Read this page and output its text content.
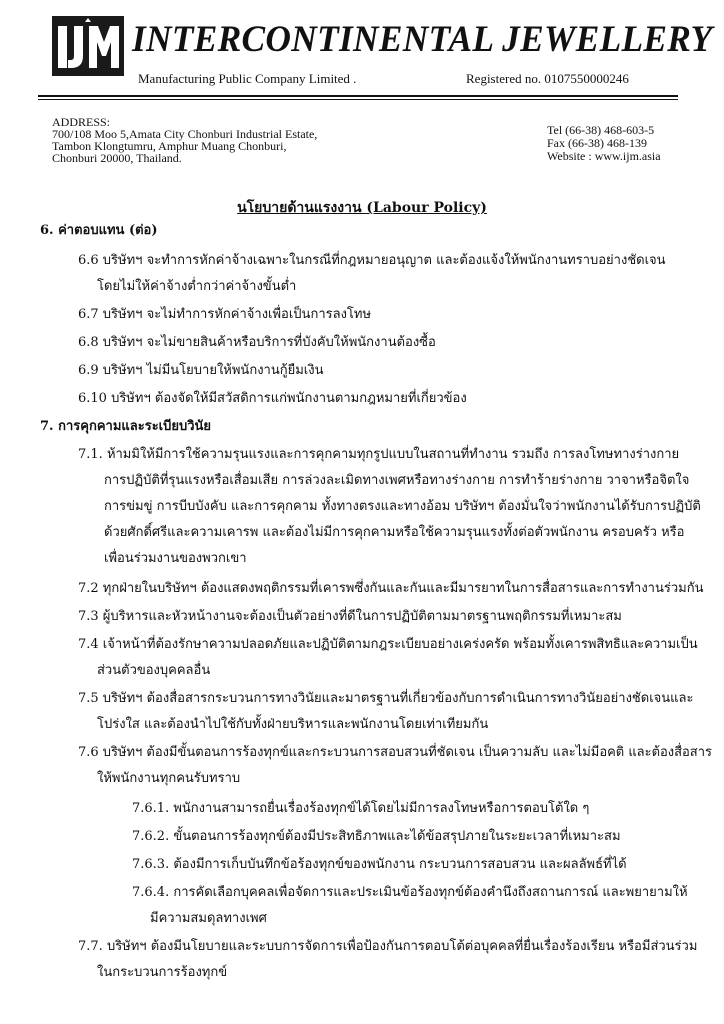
INTERCONTINENTAL JEWELLERY
Manufacturing Public Company Limited .	Registered no. 0107550000246
ADDRESS:
700/108 Moo 5,Amata City Chonburi Industrial Estate,
Tambon Klongtumru, Amphur Muang Chonburi,
Chonburi 20000, Thailand.
Tel (66-38) 468-603-5
Fax (66-38) 468-139
Website : www.ijm.asia
นโยบายด้านแรงงาน (Labour Policy)
6. ค่าตอบแทน (ต่อ)
6.6 บริษัทฯ จะทำการหักค่าจ้างเฉพาะในกรณีที่กฎหมายอนุญาต และต้องแจ้งให้พนักงานทราบอย่างชัดเจน
โดยไม่ให้ค่าจ้างต่ำกว่าค่าจ้างขั้นต่ำ
6.7 บริษัทฯ จะไม่ทำการหักค่าจ้างเพื่อเป็นการลงโทษ
6.8 บริษัทฯ จะไม่ขายสินค้าหรือบริการที่บังคับให้พนักงานต้องซื้อ
6.9 บริษัทฯ ไม่มีนโยบายให้พนักงานกู้ยืมเงิน
6.10 บริษัทฯ ต้องจัดให้มีสวัสดิการแก่พนักงานตามกฎหมายที่เกี่ยวข้อง
7. การคุกคามและระเบียบวินัย
7.1. ห้ามมิให้มีการใช้ความรุนแรงและการคุกคามทุกรูปแบบในสถานที่ทำงาน รวมถึง การลงโทษทางร่างกาย
การปฏิบัติที่รุนแรงหรือเสื่อมเสีย การล่วงละเมิดทางเพศหรือทางร่างกาย การทำร้ายร่างกาย วาจาหรือจิตใจ
การข่มขู่ การบีบบังคับ และการคุกคาม ทั้งทางตรงและทางอ้อม บริษัทฯ ต้องมั่นใจว่าพนักงานได้รับการปฏิบัติ
ด้วยศักดิ์ศรีและความเคารพ และต้องไม่มีการคุกคามหรือใช้ความรุนแรงทั้งต่อตัวพนักงาน ครอบครัว หรือ
เพื่อนร่วมงานของพวกเขา
7.2 ทุกฝ่ายในบริษัทฯ ต้องแสดงพฤติกรรมที่เคารพซึ่งกันและกันและมีมารยาทในการสื่อสารและการทำงานร่วมกัน
7.3 ผู้บริหารและหัวหน้างานจะต้องเป็นตัวอย่างที่ดีในการปฏิบัติตามมาตรฐานพฤติกรรมที่เหมาะสม
7.4 เจ้าหน้าที่ต้องรักษาความปลอดภัยและปฏิบัติตามกฎระเบียบอย่างเคร่งครัด พร้อมทั้งเคารพสิทธิและความเป็น
ส่วนตัวของบุคคลอื่น
7.5 บริษัทฯ ต้องสื่อสารกระบวนการทางวินัยและมาตรฐานที่เกี่ยวข้องกับการดำเนินการทางวินัยอย่างชัดเจนและ
โปร่งใส และต้องนำไปใช้กับทั้งฝ่ายบริหารและพนักงานโดยเท่าเทียมกัน
7.6 บริษัทฯ ต้องมีขั้นตอนการร้องทุกข์และกระบวนการสอบสวนที่ชัดเจน เป็นความลับ และไม่มีอคติ และต้องสื่อสาร
ให้พนักงานทุกคนรับทราบ
7.6.1. พนักงานสามารถยื่นเรื่องร้องทุกข์ได้โดยไม่มีการลงโทษหรือการตอบโต้ใด ๆ
7.6.2. ขั้นตอนการร้องทุกข์ต้องมีประสิทธิภาพและได้ข้อสรุปภายในระยะเวลาที่เหมาะสม
7.6.3. ต้องมีการเก็บบันทึกข้อร้องทุกข์ของพนักงาน กระบวนการสอบสวน และผลลัพธ์ที่ได้
7.6.4. การคัดเลือกบุคคลเพื่อจัดการและประเมินข้อร้องทุกข์ต้องคำนึงถึงสถานการณ์ และพยายามให้
มีความสมดุลทางเพศ
7.7. บริษัทฯ ต้องมีนโยบายและระบบการจัดการเพื่อป้องกันการตอบโต้ต่อบุคคลที่ยื่นเรื่องร้องเรียน หรือมีส่วนร่วม
ในกระบวนการร้องทุกข์
